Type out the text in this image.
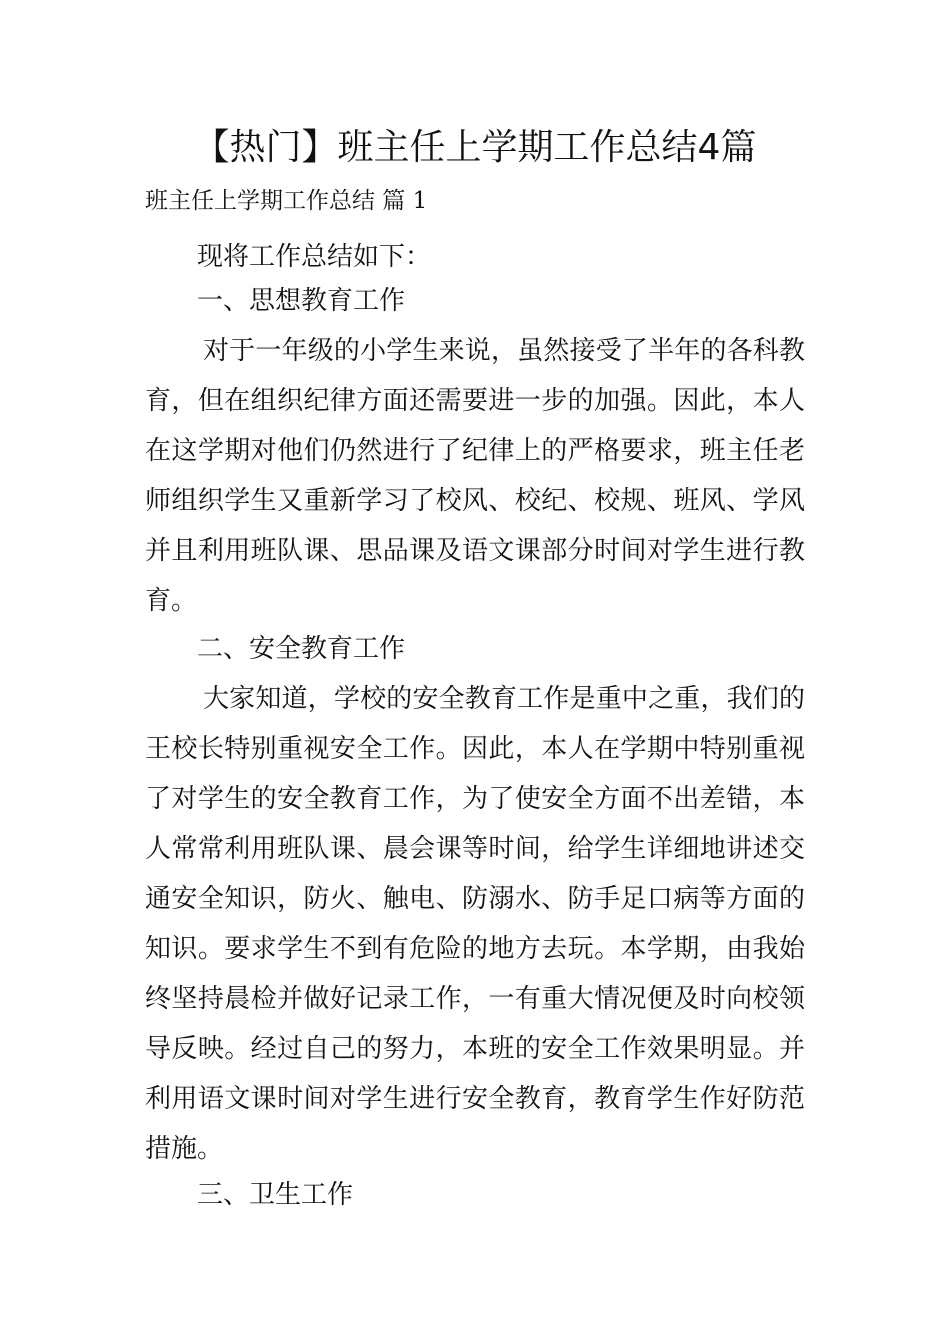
【热门】班主任上学期工作总结4篇

班主任上学期工作总结 篇 1

现将工作总结如下：

一、思想教育工作

对于一年级的小学生来说，虽然接受了半年的各科教育，但在组织纪律方面还需要进一步的加强。因此，本人在这学期对他们仍然进行了纪律上的严格要求，班主任老师组织学生又重新学习了校风、校纪、校规、班风、学风并且利用班队课、思品课及语文课部分时间对学生进行教育。

二、安全教育工作

大家知道，学校的安全教育工作是重中之重，我们的王校长特别重视安全工作。因此，本人在学期中特别重视了对学生的安全教育工作，为了使安全方面不出差错，本人常常利用班队课、晨会课等时间，给学生详细地讲述交通安全知识，防火、触电、防溺水、防手足口病等方面的知识。要求学生不到有危险的地方去玩。本学期，由我始终坚持晨检并做好记录工作，一有重大情况便及时向校领导反映。经过自己的努力，本班的安全工作效果明显。并利用语文课时间对学生进行安全教育，教育学生作好防范措施。

三、卫生工作
